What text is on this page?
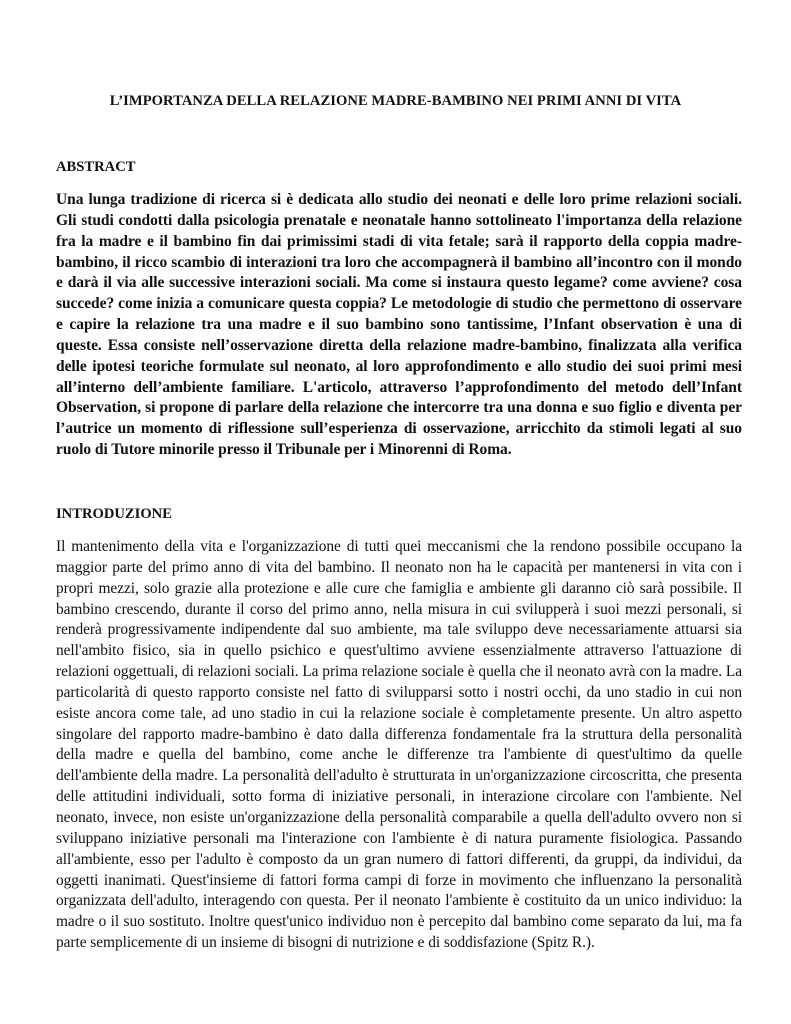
L’IMPORTANZA DELLA RELAZIONE MADRE-BAMBINO NEI PRIMI ANNI DI VITA
ABSTRACT

Una lunga tradizione di ricerca si è dedicata allo studio dei neonati e delle loro prime relazioni sociali. Gli studi condotti dalla psicologia prenatale e neonatale hanno sottolineato l'importanza della relazione fra la madre e il bambino fin dai primissimi stadi di vita fetale; sarà il rapporto della coppia madre-bambino, il ricco scambio di interazioni tra loro che accompagnerà il bambino all’incontro con il mondo e darà il via alle successive interazioni sociali. Ma come si instaura questo legame? come avviene? cosa succede? come inizia a comunicare questa coppia? Le metodologie di studio che permettono di osservare e capire la relazione tra una madre e il suo bambino sono tantissime, l’Infant observation è una di queste. Essa consiste nell’osservazione diretta della relazione madre-bambino, finalizzata alla verifica delle ipotesi teoriche formulate sul neonato, al loro approfondimento e allo studio dei suoi primi mesi all’interno dell’ambiente familiare. L'articolo, attraverso l’approfondimento del metodo dell’Infant Observation, si propone di parlare della relazione che intercorre tra una donna e suo figlio e diventa per l’autrice un momento di riflessione sull’esperienza di osservazione, arricchito da stimoli legati al suo ruolo di Tutore minorile presso il Tribunale per i Minorenni di Roma.

INTRODUZIONE

Il mantenimento della vita e l'organizzazione di tutti quei meccanismi che la rendono possibile occupano la maggior parte del primo anno di vita del bambino. Il neonato non ha le capacità per mantenersi in vita con i propri mezzi, solo grazie alla protezione e alle cure che famiglia e ambiente gli daranno ciò sarà possibile. Il bambino crescendo, durante il corso del primo anno, nella misura in cui svilupperà i suoi mezzi personali, si renderà progressivamente indipendente dal suo ambiente, ma tale sviluppo deve necessariamente attuarsi sia nell'ambito fisico, sia in quello psichico e quest'ultimo avviene essenzialmente attraverso l'attuazione di relazioni oggettuali, di relazioni sociali. La prima relazione sociale è quella che il neonato avrà con la madre. La particolarità di questo rapporto consiste nel fatto di svilupparsi sotto i nostri occhi, da uno stadio in cui non esiste ancora come tale, ad uno stadio in cui la relazione sociale è completamente presente. Un altro aspetto singolare del rapporto madre-bambino è dato dalla differenza fondamentale fra la struttura della personalità della madre e quella del bambino, come anche le differenze tra l'ambiente di quest'ultimo da quelle dell'ambiente della madre. La personalità dell'adulto è strutturata in un'organizzazione circoscritta, che presenta delle attitudini individuali, sotto forma di iniziative personali, in interazione circolare con l'ambiente. Nel neonato, invece, non esiste un'organizzazione della personalità comparabile a quella dell'adulto ovvero non si sviluppano iniziative personali ma l'interazione con l'ambiente è di natura puramente fisiologica. Passando all'ambiente, esso per l'adulto è composto da un gran numero di fattori differenti, da gruppi, da individui, da oggetti inanimati. Quest'insieme di fattori forma campi di forze in movimento che influenzano la personalità organizzata dell'adulto, interagendo con questa. Per il neonato l'ambiente è costituito da un unico individuo: la madre o il suo sostituto. Inoltre quest'unico individuo non è percepito dal bambino come separato da lui, ma fa parte semplicemente di un insieme di bisogni di nutrizione e di soddisfazione (Spitz R.).
